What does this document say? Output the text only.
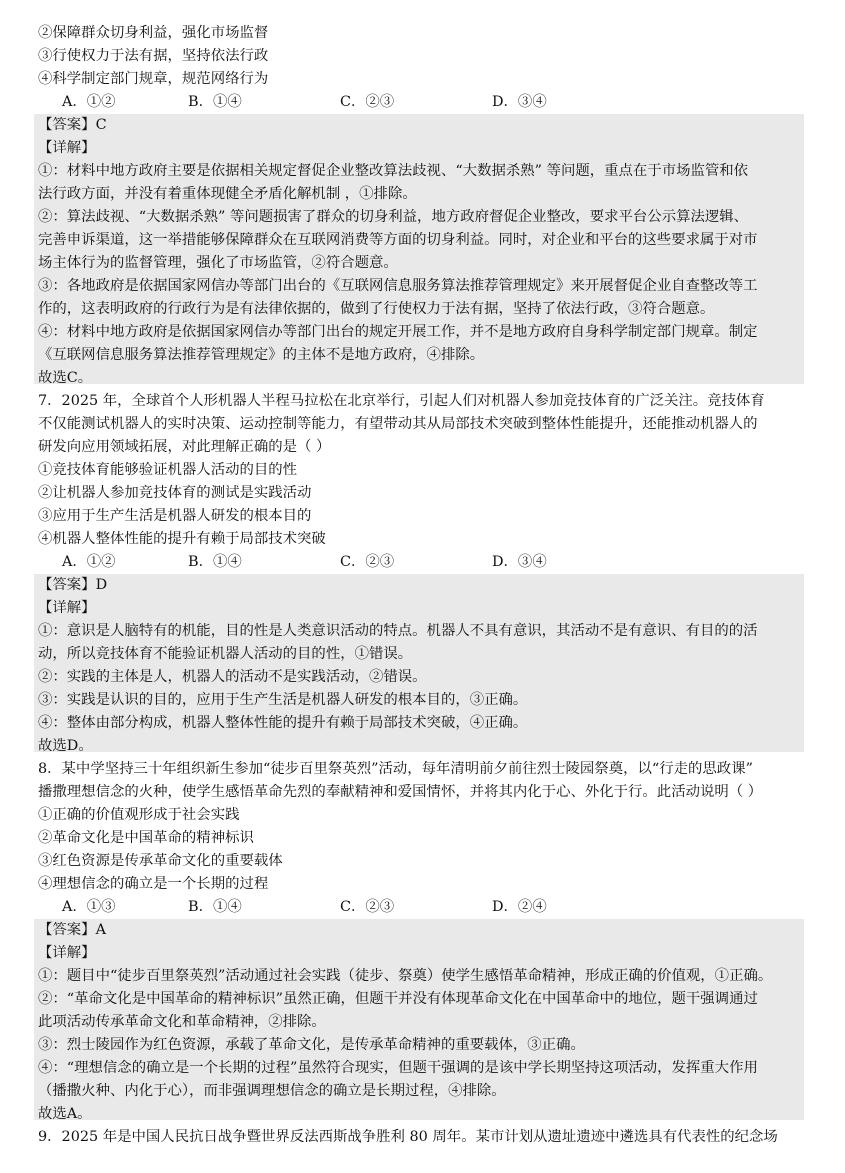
②保障群众切身利益，强化市场监督
③行使权力于法有据，坚持依法行政
④科学制定部门规章，规范网络行为
A．①②	B．①④	C．②③	D．③④
【答案】C
【详解】
①：材料中地方政府主要是依据相关规定督促企业整改算法歧视、“大数据杀熟” 等问题，重点在于市场监管和依
法行政方面，并没有着重体现健全矛盾化解机制 ，①排除。
②：算法歧视、“大数据杀熟” 等问题损害了群众的切身利益，地方政府督促企业整改，要求平台公示算法逻辑、
完善申诉渠道，这一举措能够保障群众在互联网消费等方面的切身利益。同时，对企业和平台的这些要求属于对市
场主体行为的监督管理，强化了市场监管，②符合题意。
③：各地政府是依据国家网信办等部门出台的《互联网信息服务算法推荐管理规定》来开展督促企业自查整改等工
作的，这表明政府的行政行为是有法律依据的，做到了行使权力于法有据，坚持了依法行政，③符合题意。
④：材料中地方政府是依据国家网信办等部门出台的规定开展工作，并不是地方政府自身科学制定部门规章。制定
《互联网信息服务算法推荐管理规定》的主体不是地方政府，④排除。
故选C。
7．2025 年，全球首个人形机器人半程马拉松在北京举行，引起人们对机器人参加竞技体育的广泛关注。竞技体育
不仅能测试机器人的实时决策、运动控制等能力，有望带动其从局部技术突破到整体性能提升，还能推动机器人的
研发向应用领域拓展，对此理解正确的是（ ）
①竞技体育能够验证机器人活动的目的性
②让机器人参加竞技体育的测试是实践活动
③应用于生产生活是机器人研发的根本目的
④机器人整体性能的提升有赖于局部技术突破
A．①②	B．①④	C．②③	D．③④
【答案】D
【详解】
①：意识是人脑特有的机能，目的性是人类意识活动的特点。机器人不具有意识，其活动不是有意识、有目的的活
动，所以竞技体育不能验证机器人活动的目的性，①错误。
②：实践的主体是人，机器人的活动不是实践活动，②错误。
③：实践是认识的目的，应用于生产生活是机器人研发的根本目的，③正确。
④：整体由部分构成，机器人整体性能的提升有赖于局部技术突破，④正确。
故选D。
8．某中学坚持三十年组织新生参加“徒步百里祭英烈”活动，每年清明前夕前往烈士陵园祭奠，以“行走的思政课”
播撒理想信念的火种，使学生感悟革命先烈的奉献精神和爱国情怀，并将其内化于心、外化于行。此活动说明（ ）
①正确的价值观形成于社会实践
②革命文化是中国革命的精神标识
③红色资源是传承革命文化的重要载体
④理想信念的确立是一个长期的过程
A．①③	B．①④	C．②③	D．②④
【答案】A
【详解】
①：题目中“徒步百里祭英烈”活动通过社会实践（徒步、祭奠）使学生感悟革命精神，形成正确的价值观，①正确。
②：“革命文化是中国革命的精神标识”虽然正确，但题干并没有体现革命文化在中国革命中的地位，题干强调通过
此项活动传承革命文化和革命精神，②排除。
③：烈士陵园作为红色资源，承载了革命文化，是传承革命精神的重要载体，③正确。
④：“理想信念的确立是一个长期的过程”虽然符合现实，但题干强调的是该中学长期坚持这项活动，发挥重大作用
（播撒火种、内化于心），而非强调理想信念的确立是长期过程，④排除。
故选A。
9．2025 年是中国人民抗日战争暨世界反法西斯战争胜利 80 周年。某市计划从遗址遗迹中遴选具有代表性的纪念场
